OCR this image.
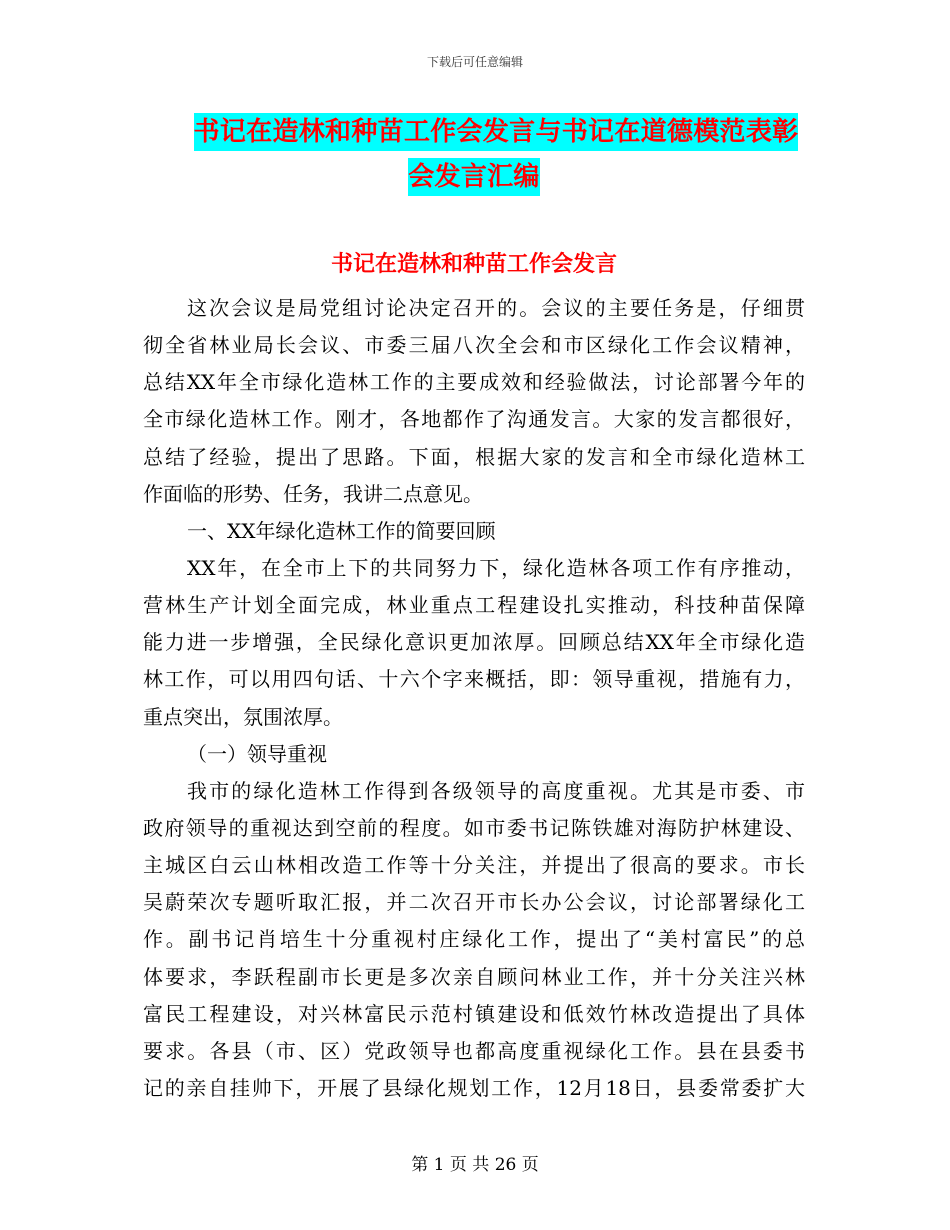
下载后可任意编辑
书记在造林和种苗工作会发言与书记在道德模范表彰
会发言汇编
书记在造林和种苗工作会发言
这次会议是局党组讨论决定召开的。会议的主要任务是，仔细贯
彻全省林业局长会议、市委三届八次全会和市区绿化工作会议精神，
总结XX年全市绿化造林工作的主要成效和经验做法，讨论部署今年的
全市绿化造林工作。刚才，各地都作了沟通发言。大家的发言都很好，
总结了经验，提出了思路。下面，根据大家的发言和全市绿化造林工
作面临的形势、任务，我讲二点意见。
一、XX年绿化造林工作的简要回顾
XX年，在全市上下的共同努力下，绿化造林各项工作有序推动，
营林生产计划全面完成，林业重点工程建设扎实推动，科技种苗保障
能力进一步增强，全民绿化意识更加浓厚。回顾总结XX年全市绿化造
林工作，可以用四句话、十六个字来概括，即：领导重视，措施有力，
重点突出，氛围浓厚。
（一）领导重视
我市的绿化造林工作得到各级领导的高度重视。尤其是市委、市
政府领导的重视达到空前的程度。如市委书记陈铁雄对海防护林建设、
主城区白云山林相改造工作等十分关注，并提出了很高的要求。市长
吴蔚荣次专题听取汇报，并二次召开市长办公会议，讨论部署绿化工
作。副书记肖培生十分重视村庄绿化工作，提出了“美村富民”的总
体要求，李跃程副市长更是多次亲自顾问林业工作，并十分关注兴林
富民工程建设，对兴林富民示范村镇建设和低效竹林改造提出了具体
要求。各县（市、区）党政领导也都高度重视绿化工作。县在县委书
记的亲自挂帅下，开展了县绿化规划工作，12月18日，县委常委扩大
第 1 页 共 26 页
